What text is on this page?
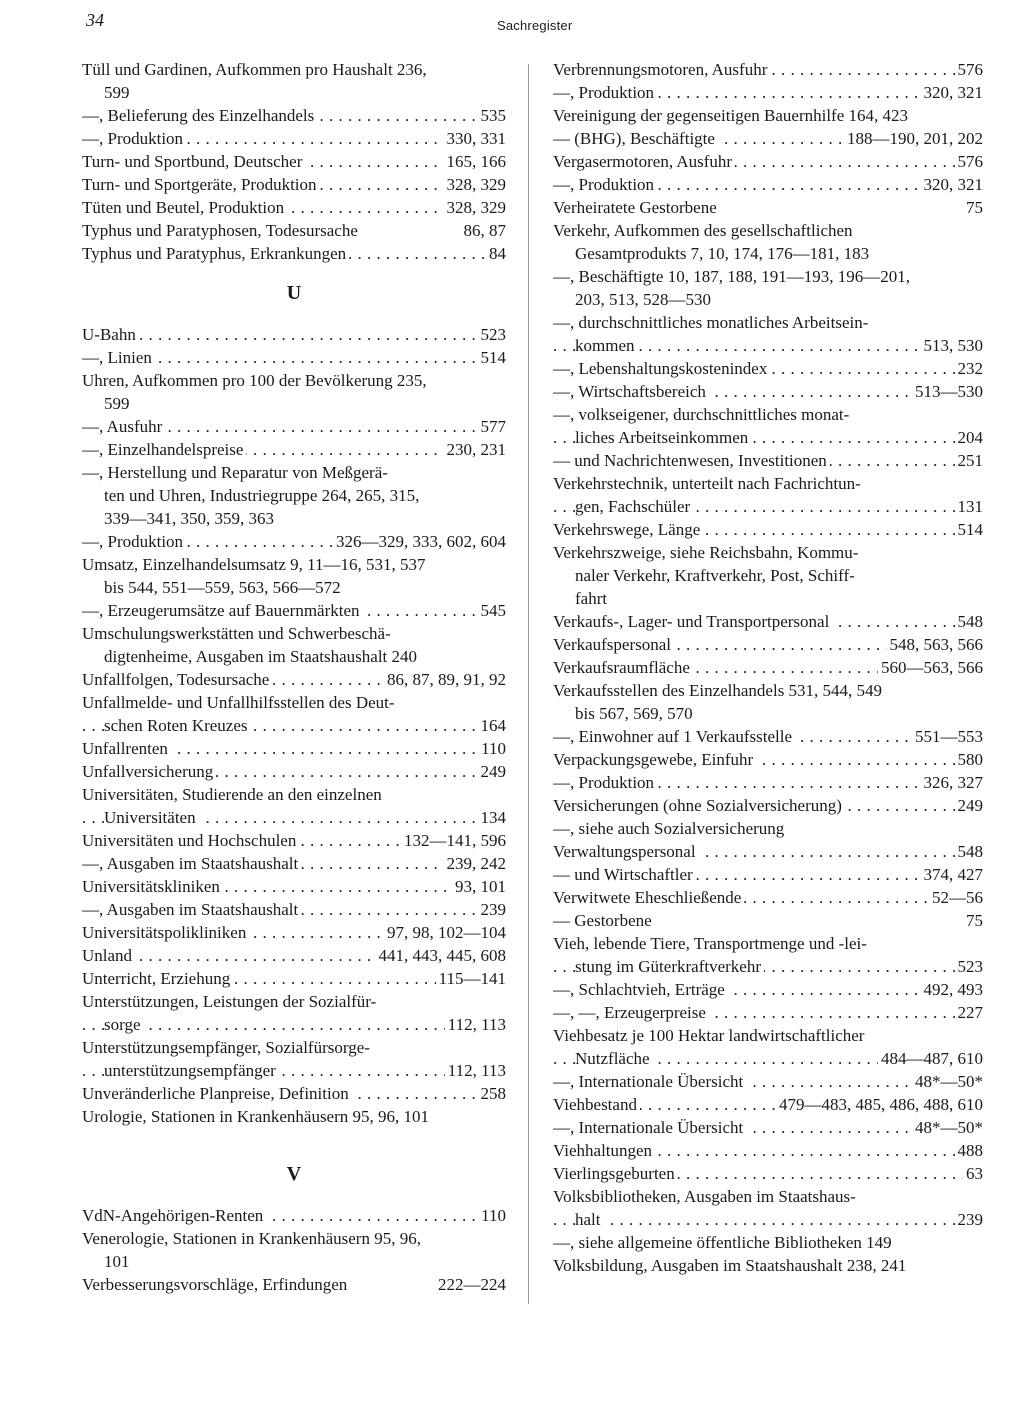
34	Sachregister
Tüll und Gardinen, Aufkommen pro Haushalt 236,
599
. . . —, Belieferung des Einzelhandels	535
. . . —, Produktion	330, 331
. . . Turn- und Sportbund, Deutscher	165, 166
. . . Turn- und Sportgeräte, Produktion	328, 329
. . . Tüten und Beutel, Produktion	328, 329
Typhus und Paratyphosen, Todesursache	86, 87
. . . Typhus und Paratyphus, Erkrankungen	84
U
. . . U-Bahn	523
. . . —, Linien	514
Uhren, Aufkommen pro 100 der Bevölkerung 235,
599
. . . —, Ausfuhr	577
. . . —, Einzelhandelspreise	230, 231
—, Herstellung und Reparatur von Meßgerä-
ten und Uhren, Industriegruppe 264, 265, 315,
339—341, 350, 359, 363
. . . —, Produktion	326—329, 333, 602, 604
Umsatz, Einzelhandelsumsatz 9, 11—16, 531, 537
bis 544, 551—559, 563, 566—572
. . . —, Erzeugerumsätze auf Bauernmärkten	545
Umschulungswerkstätten und Schwerbeschä-
digtenheime, Ausgaben im Staatshaushalt 240
. . . Unfallfolgen, Todesursache	86, 87, 89, 91, 92
Unfallmelde- und Unfallhilfsstellen des Deut-
. . . schen Roten Kreuzes	164
. . . Unfallrenten	110
. . . Unfallversicherung	249
Universitäten, Studierende an den einzelnen
. . . Universitäten	134
. . . Universitäten und Hochschulen	132—141, 596
. . . —, Ausgaben im Staatshaushalt	239, 242
. . . Universitätskliniken	93, 101
. . . —, Ausgaben im Staatshaushalt	239
. . . Universitätspolikliniken	97, 98, 102—104
. . . Unland	441, 443, 445, 608
. . . Unterricht, Erziehung	115—141
Unterstützungen, Leistungen der Sozialfür-
. . . sorge	112, 113
Unterstützungsempfänger, Sozialfürsorge-
. . . unterstützungsempfänger	112, 113
. . . Unveränderliche Planpreise, Definition	258
Urologie, Stationen in Krankenhäusern 95, 96, 101
V
. . . VdN-Angehörigen-Renten	110
Venerologie, Stationen in Krankenhäusern 95, 96,
101
Verbesserungsvorschläge, Erfindungen	222—224
. . . Verbrennungsmotoren, Ausfuhr	576
. . . —, Produktion	320, 321
Vereinigung der gegenseitigen Bauernhilfe 164, 423
. . . — (BHG), Beschäftigte	188—190, 201, 202
. . . Vergasermotoren, Ausfuhr	576
. . . —, Produktion	320, 321
Verheiratete Gestorbene	75
Verkehr, Aufkommen des gesellschaftlichen
Gesamtprodukts 7, 10, 174, 176—181, 183
—, Beschäftigte 10, 187, 188, 191—193, 196—201,
203, 513, 528—530
—, durchschnittliches monatliches Arbeitsein-
. . . kommen	513, 530
. . . —, Lebenshaltungskostenindex	232
. . . —, Wirtschaftsbereich	513—530
—, volkseigener, durchschnittliches monat-
. . . liches Arbeitseinkommen	204
. . . — und Nachrichtenwesen, Investitionen	251
Verkehrstechnik, unterteilt nach Fachrichtun-
. . . gen, Fachschüler	131
. . . Verkehrswege, Länge	514
Verkehrszweige, siehe Reichsbahn, Kommu-
naler Verkehr, Kraftverkehr, Post, Schiff-
fahrt
. . . Verkaufs-, Lager- und Transportpersonal	548
. . . Verkaufspersonal	548, 563, 566
. . . Verkaufsraumfläche	560—563, 566
Verkaufsstellen des Einzelhandels 531, 544, 549
bis 567, 569, 570
. . . —, Einwohner auf 1 Verkaufsstelle	551—553
. . . Verpackungsgewebe, Einfuhr	580
. . . —, Produktion	326, 327
. . . Versicherungen (ohne Sozialversicherung)	249
—, siehe auch Sozialversicherung
. . . Verwaltungspersonal	548
. . . — und Wirtschaftler	374, 427
. . . Verwitwete Eheschließende	52—56
— Gestorbene	75
Vieh, lebende Tiere, Transportmenge und -lei-
. . . stung im Güterkraftverkehr	523
. . . —, Schlachtvieh, Erträge	492, 493
. . . —, —, Erzeugerpreise	227
Viehbesatz je 100 Hektar landwirtschaftlicher
. . . Nutzfläche	484—487, 610
. . . —, Internationale Übersicht	48*—50*
. . . Viehbestand	479—483, 485, 486, 488, 610
. . . —, Internationale Übersicht	48*—50*
. . . Viehhaltungen	488
. . . Vierlingsgeburten	63
Volksbibliotheken, Ausgaben im Staatshaus-
. . . halt	239
—, siehe allgemeine öffentliche Bibliotheken 149
Volksbildung, Ausgaben im Staatshaushalt 238, 241
